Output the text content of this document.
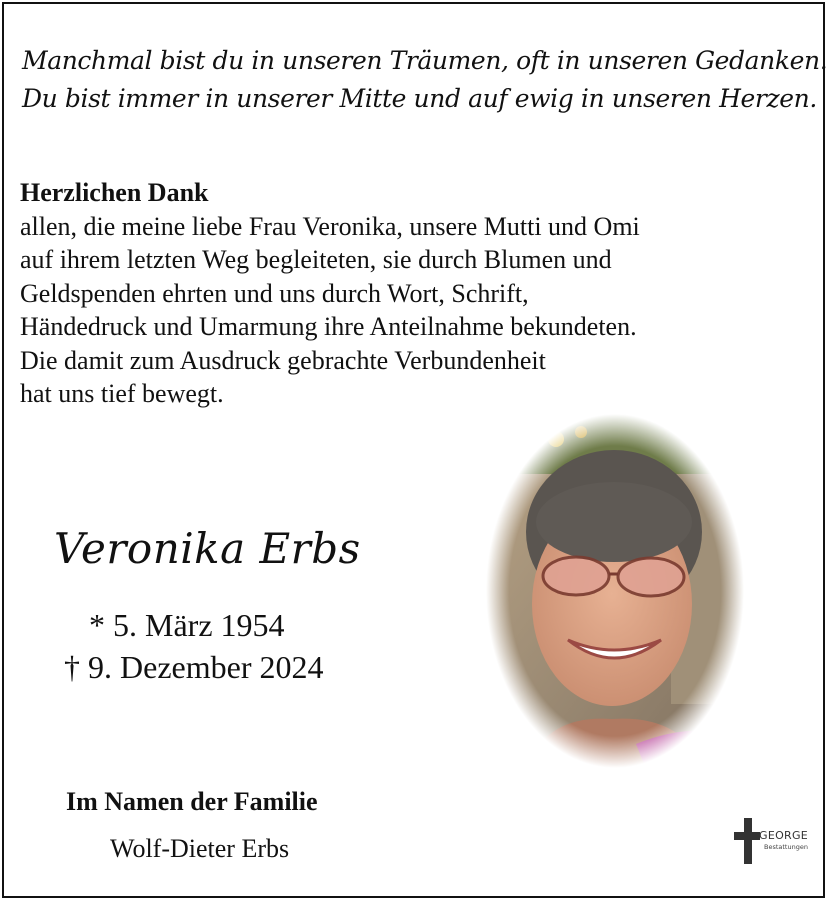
Manchmal bist du in unseren Träumen, oft in unseren Gedanken.
Du bist immer in unserer Mitte und auf ewig in unseren Herzen.
Herzlichen Dank
allen, die meine liebe Frau Veronika, unsere Mutti und Omi
auf ihrem letzten Weg begleiteten, sie durch Blumen und
Geldspenden ehrten und uns durch Wort, Schrift,
Händedruck und Umarmung ihre Anteilnahme bekundeten.
Die damit zum Ausdruck gebrachte Verbundenheit
hat uns tief bewegt.
Veronika Erbs
* 5. März 1954
† 9. Dezember 2024
Im Namen der Familie
Wolf-Dieter Erbs	GEORGE
Bestattungen
